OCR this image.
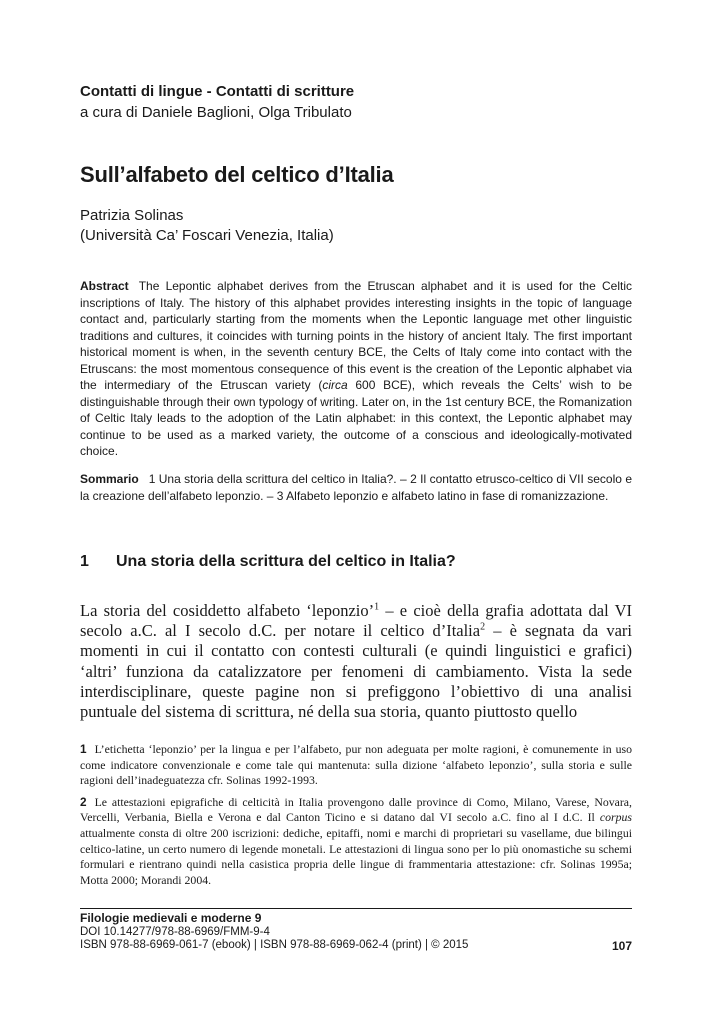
Contatti di lingue - Contatti di scritture
a cura di Daniele Baglioni, Olga Tribulato
Sull’alfabeto del celtico d’Italia
Patrizia Solinas
(Università Ca’ Foscari Venezia, Italia)
Abstract The Lepontic alphabet derives from the Etruscan alphabet and it is used for the Celtic inscriptions of Italy. The history of this alphabet provides interesting insights in the topic of language contact and, particularly starting from the moments when the Lepontic language met other linguistic traditions and cultures, it coincides with turning points in the history of ancient Italy. The first important historical moment is when, in the seventh century BCE, the Celts of Italy come into contact with the Etruscans: the most momentous consequence of this event is the creation of the Lepontic alphabet via the intermediary of the Etruscan variety (circa 600 BCE), which reveals the Celts’ wish to be distinguishable through their own typology of writing. Later on, in the 1st century BCE, the Romanization of Celtic Italy leads to the adoption of the Latin alphabet: in this context, the Lepontic alphabet may continue to be used as a marked variety, the outcome of a conscious and ideologically-motivated choice.
Sommario 1 Una storia della scrittura del celtico in Italia?. – 2 Il contatto etrusco-celtico di VII secolo e la creazione dell’alfabeto leponzio. – 3 Alfabeto leponzio e alfabeto latino in fase di romanizzazione.
1 Una storia della scrittura del celtico in Italia?
La storia del cosiddetto alfabeto ‘leponzio’$^1$ – e cioè della grafia adottata dal VI secolo a.C. al I secolo d.C. per notare il celtico d’Italia$^2$ – è segnata da vari momenti in cui il contatto con contesti culturali (e quindi linguistici e grafici) ‘altri’ funziona da catalizzatore per fenomeni di cambiamento. Vista la sede interdisciplinare, queste pagine non si prefiggono l’obiettivo di una analisi puntuale del sistema di scrittura, né della sua storia, quanto piuttosto quello
1 L’etichetta ‘leponzio’ per la lingua e per l’alfabeto, pur non adeguata per molte ragioni, è comunemente in uso come indicatore convenzionale e come tale qui mantenuta: sulla dizione ‘alfabeto leponzio’, sulla storia e sulle ragioni dell’inadeguatezza cfr. Solinas 1992-1993.
2 Le attestazioni epigrafiche di celticità in Italia provengono dalle province di Como, Milano, Varese, Novara, Vercelli, Verbania, Biella e Verona e dal Canton Ticino e si datano dal VI secolo a.C. fino al I d.C. Il corpus attualmente consta di oltre 200 iscrizioni: dediche, epitaffi, nomi e marchi di proprietari su vasellame, due bilingui celtico-latine, un certo numero di legende monetali. Le attestazioni di lingua sono per lo più onomastiche su schemi formulari e rientrano quindi nella casistica propria delle lingue di frammentaria attestazione: cfr. Solinas 1995a; Motta 2000; Morandi 2004.
Filologie medievali e moderne 9
DOI 10.14277/978-88-6969/FMM-9-4
ISBN 978-88-6969-061-7 (ebook) | ISBN 978-88-6969-062-4 (print) | © 2015	107
